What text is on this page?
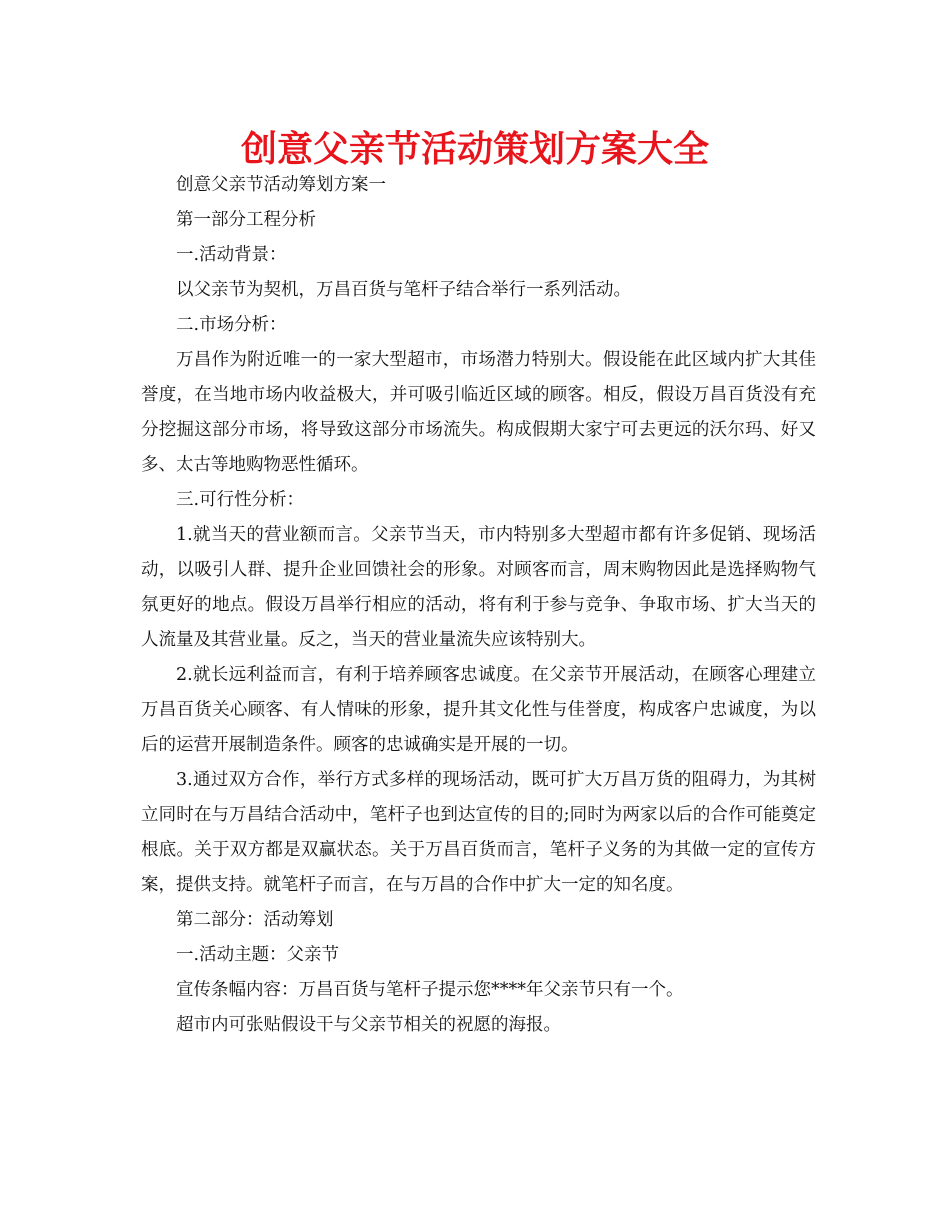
创意父亲节活动策划方案大全

创意父亲节活动筹划方案一

第一部分工程分析

一.活动背景：

以父亲节为契机，万昌百货与笔杆子结合举行一系列活动。

二.市场分析：

万昌作为附近唯一的一家大型超市，市场潜力特别大。假设能在此区域内扩大其佳誉度，在当地市场内收益极大，并可吸引临近区域的顾客。相反，假设万昌百货没有充分挖掘这部分市场，将导致这部分市场流失。构成假期大家宁可去更远的沃尔玛、好又多、太古等地购物恶性循环。

三.可行性分析：

1.就当天的营业额而言。父亲节当天，市内特别多大型超市都有许多促销、现场活动，以吸引人群、提升企业回馈社会的形象。对顾客而言，周末购物因此是选择购物气氛更好的地点。假设万昌举行相应的活动，将有利于参与竞争、争取市场、扩大当天的人流量及其营业量。反之，当天的营业量流失应该特别大。

2.就长远利益而言，有利于培养顾客忠诚度。在父亲节开展活动，在顾客心理建立万昌百货关心顾客、有人情味的形象，提升其文化性与佳誉度，构成客户忠诚度，为以后的运营开展制造条件。顾客的忠诚确实是开展的一切。

3.通过双方合作，举行方式多样的现场活动，既可扩大万昌万货的阻碍力，为其树立同时在与万昌结合活动中，笔杆子也到达宣传的目的;同时为两家以后的合作可能奠定根底。关于双方都是双赢状态。关于万昌百货而言，笔杆子义务的为其做一定的宣传方案，提供支持。就笔杆子而言，在与万昌的合作中扩大一定的知名度。

第二部分：活动筹划

一.活动主题：父亲节

宣传条幅内容：万昌百货与笔杆子提示您****年父亲节只有一个。

超市内可张贴假设干与父亲节相关的祝愿的海报。
